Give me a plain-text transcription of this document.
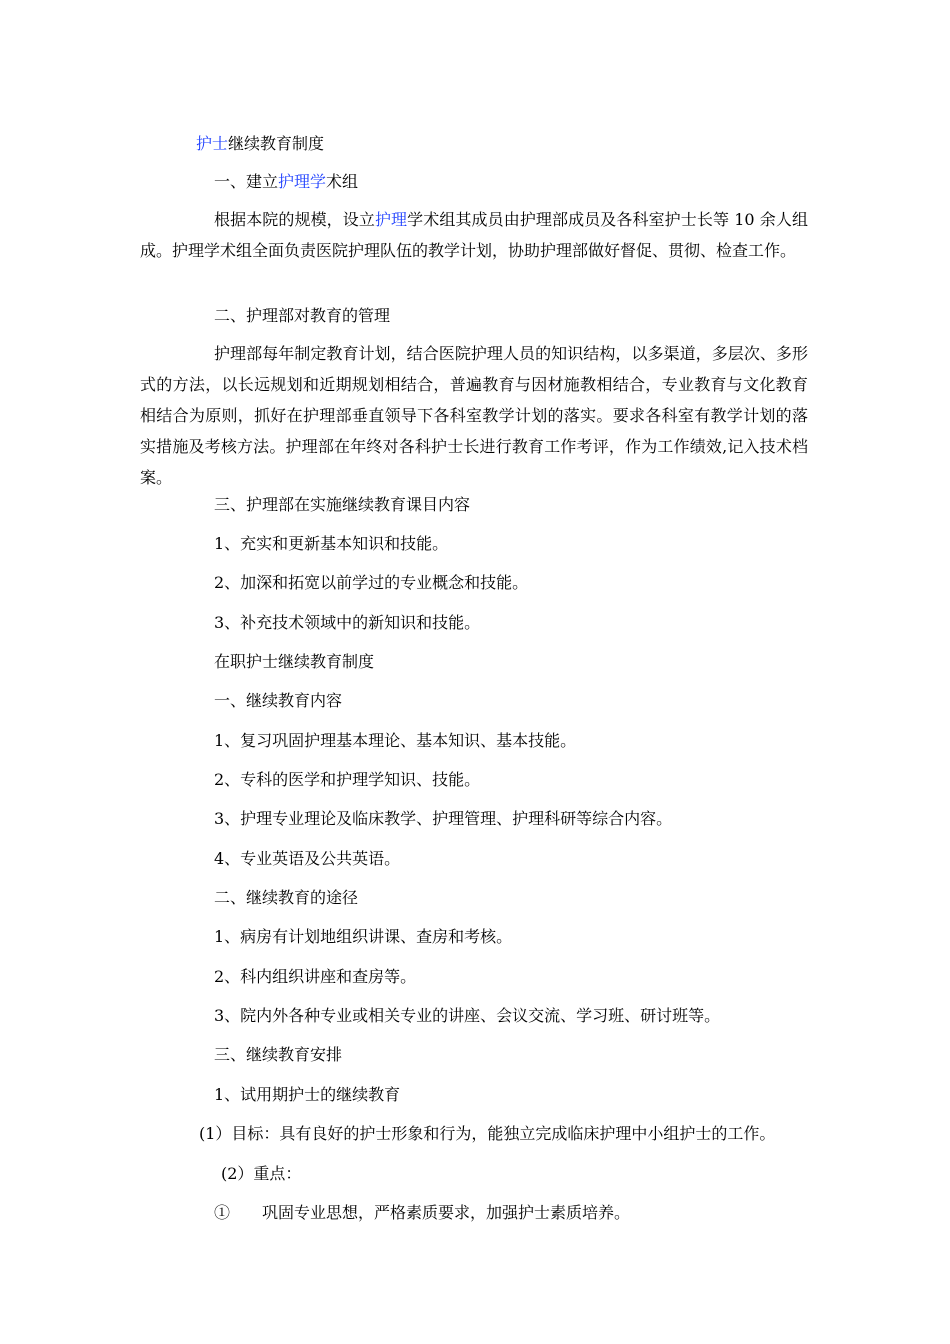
护士继续教育制度

一、建立护理学术组

根据本院的规模，设立护理学术组其成员由护理部成员及各科室护士长等 10 余人组成。护理学术组全面负责医院护理队伍的教学计划，协助护理部做好督促、贯彻、检查工作。

二、护理部对教育的管理

护理部每年制定教育计划，结合医院护理人员的知识结构，以多渠道，多层次、多形式的方法，以长远规划和近期规划相结合，普遍教育与因材施教相结合，专业教育与文化教育相结合为原则，抓好在护理部垂直领导下各科室教学计划的落实。要求各科室有教学计划的落实措施及考核方法。护理部在年终对各科护士长进行教育工作考评，作为工作绩效,记入技术档案。

三、护理部在实施继续教育课目内容

1、充实和更新基本知识和技能。

2、加深和拓宽以前学过的专业概念和技能。

3、补充技术领域中的新知识和技能。

在职护士继续教育制度

一、继续教育内容

1、复习巩固护理基本理论、基本知识、基本技能。

2、专科的医学和护理学知识、技能。

3、护理专业理论及临床教学、护理管理、护理科研等综合内容。

4、专业英语及公共英语。

二、继续教育的途径

1、病房有计划地组织讲课、查房和考核。

2、科内组织讲座和查房等。

3、院内外各种专业或相关专业的讲座、会议交流、学习班、研讨班等。

三、继续教育安排

1、试用期护士的继续教育

(1）目标：具有良好的护士形象和行为，能独立完成临床护理中小组护士的工作。

(2）重点：

①　　巩固专业思想，严格素质要求，加强护士素质培养。
